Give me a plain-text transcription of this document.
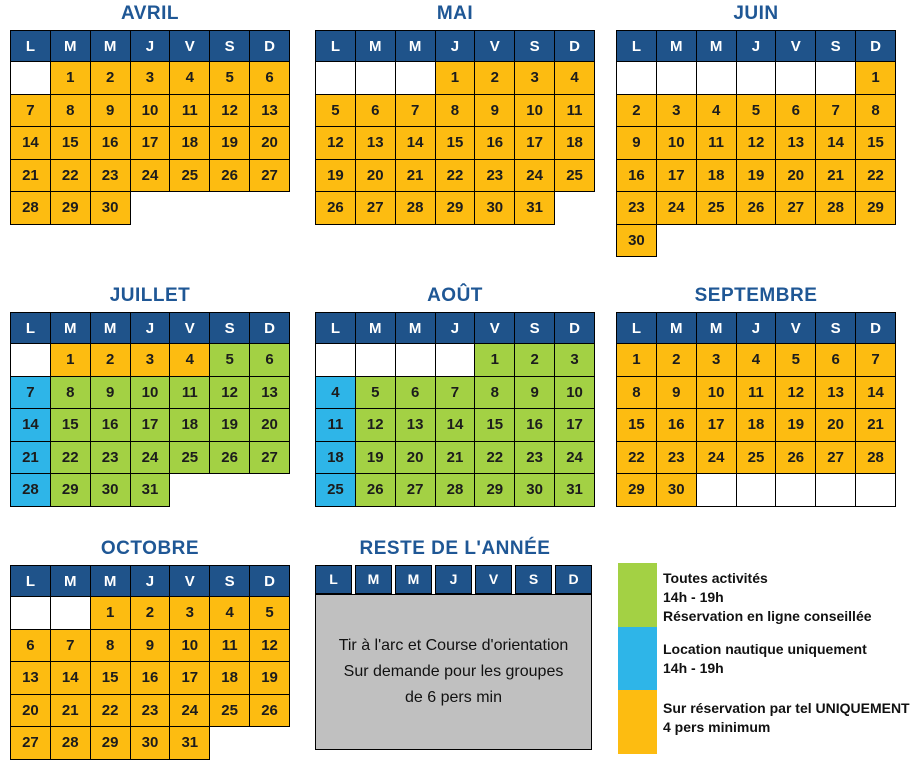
AVRIL
L	M	M	J	V	S	D
	1	2	3	4	5	6
7	8	9	10	11	12	13
14	15	16	17	18	19	20
21	22	23	24	25	26	27
28	29	30				
MAI
L	M	M	J	V	S	D
			1	2	3	4
5	6	7	8	9	10	11
12	13	14	15	16	17	18
19	20	21	22	23	24	25
26	27	28	29	30	31	
JUIN
L	M	M	J	V	S	D
						1
2	3	4	5	6	7	8
9	10	11	12	13	14	15
16	17	18	19	20	21	22
23	24	25	26	27	28	29
30						
JUILLET
L	M	M	J	V	S	D
	1	2	3	4	5	6
7	8	9	10	11	12	13
14	15	16	17	18	19	20
21	22	23	24	25	26	27
28	29	30	31			
AOÛT
L	M	M	J	V	S	D
				1	2	3
4	5	6	7	8	9	10
11	12	13	14	15	16	17
18	19	20	21	22	23	24
25	26	27	28	29	30	31
SEPTEMBRE
L	M	M	J	V	S	D
1	2	3	4	5	6	7
8	9	10	11	12	13	14
15	16	17	18	19	20	21
22	23	24	25	26	27	28
29	30					
OCTOBRE
L	M	M	J	V	S	D
		1	2	3	4	5
6	7	8	9	10	11	12
13	14	15	16	17	18	19
20	21	22	23	24	25	26
27	28	29	30	31		
RESTE DE L'ANNÉE
L	M	M	J	V	S	D
Tir à l'arc et Course d'orientation
Sur demande pour les groupes
de 6 pers min
Toutes activités
14h - 19h
Réservation en ligne conseillée
Location nautique uniquement
14h - 19h
Sur réservation par tel UNIQUEMENT
4 pers minimum
